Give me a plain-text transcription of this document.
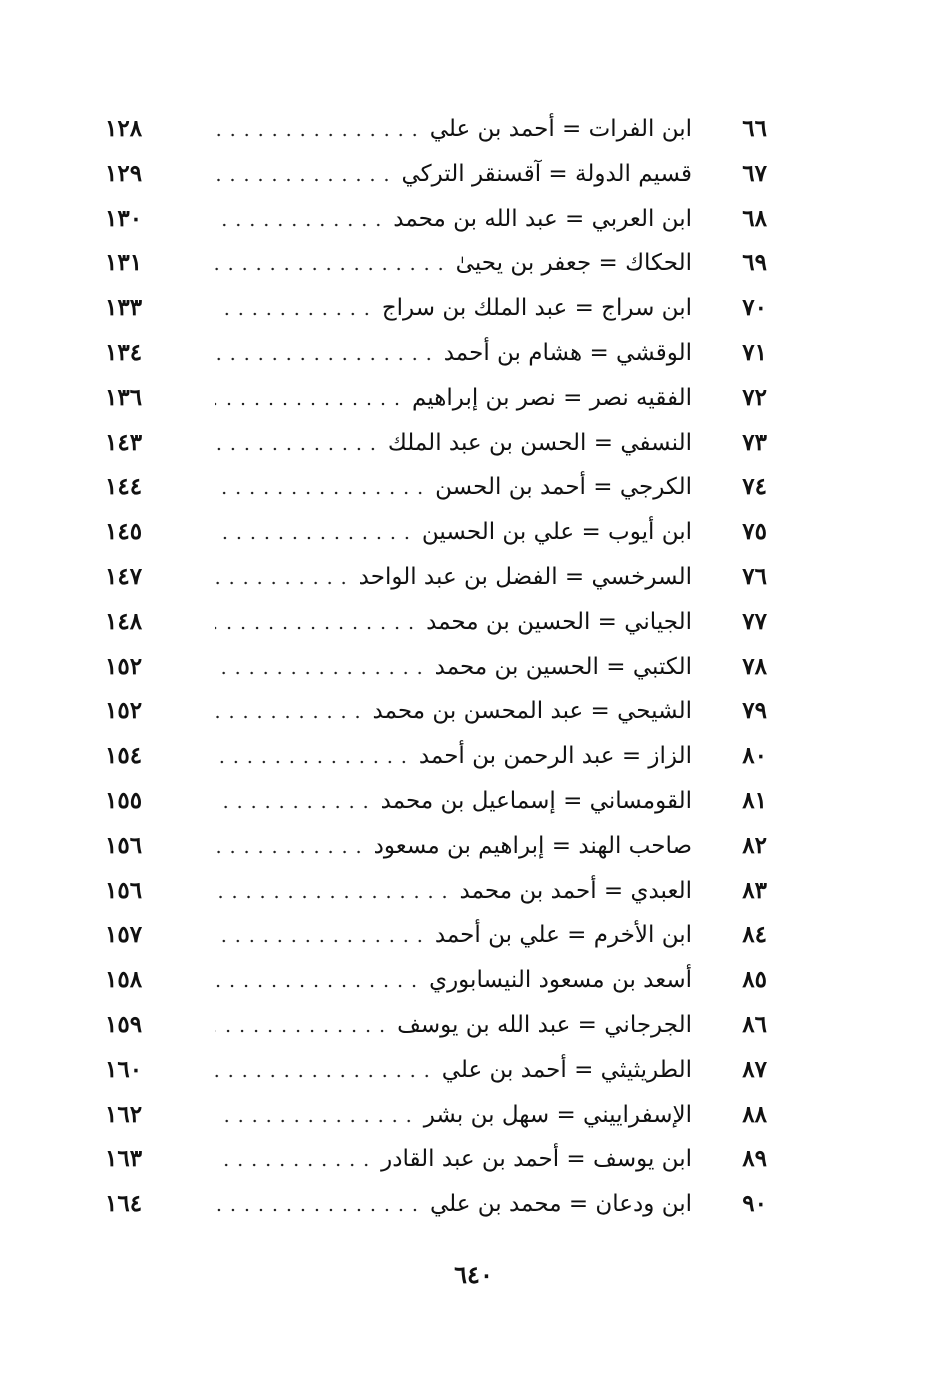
٦٦
ابن الفرات = أحمد بن علي
١٢٨
٦٧
قسيم الدولة = آقسنقر التركي
١٢٩
٦٨
ابن العربي = عبد الله بن محمد
١٣٠
٦٩
الحكاك = جعفر بن يحيىٰ
١٣١
٧٠
ابن سراج = عبد الملك بن سراج
١٣٣
٧١
الوقشي = هشام بن أحمد
١٣٤
٧٢
الفقيه نصر = نصر بن إبراهيم
١٣٦
٧٣
النسفي = الحسن بن عبد الملك
١٤٣
٧٤
الكرجي = أحمد بن الحسن
١٤٤
٧٥
ابن أيوب = علي بن الحسين
١٤٥
٧٦
السرخسي = الفضل بن عبد الواحد
١٤٧
٧٧
الجياني = الحسين بن محمد
١٤٨
٧٨
الكتبي = الحسين بن محمد
١٥٢
٧٩
الشيحي = عبد المحسن بن محمد
١٥٢
٨٠
الزاز = عبد الرحمن بن أحمد
١٥٤
٨١
القومساني = إسماعيل بن محمد
١٥٥
٨٢
صاحب الهند = إبراهيم بن مسعود
١٥٦
٨٣
العبدي = أحمد بن محمد
١٥٦
٨٤
ابن الأخرم = علي بن أحمد
١٥٧
٨٥
أسعد بن مسعود النيسابوري
١٥٨
٨٦
الجرجاني = عبد الله بن يوسف
١٥٩
٨٧
الطريثيثي = أحمد بن علي
١٦٠
٨٨
الإسفراييني = سهل بن بشر
١٦٢
٨٩
ابن يوسف = أحمد بن عبد القادر
١٦٣
٩٠
ابن ودعان = محمد بن علي
١٦٤
٦٤٠
